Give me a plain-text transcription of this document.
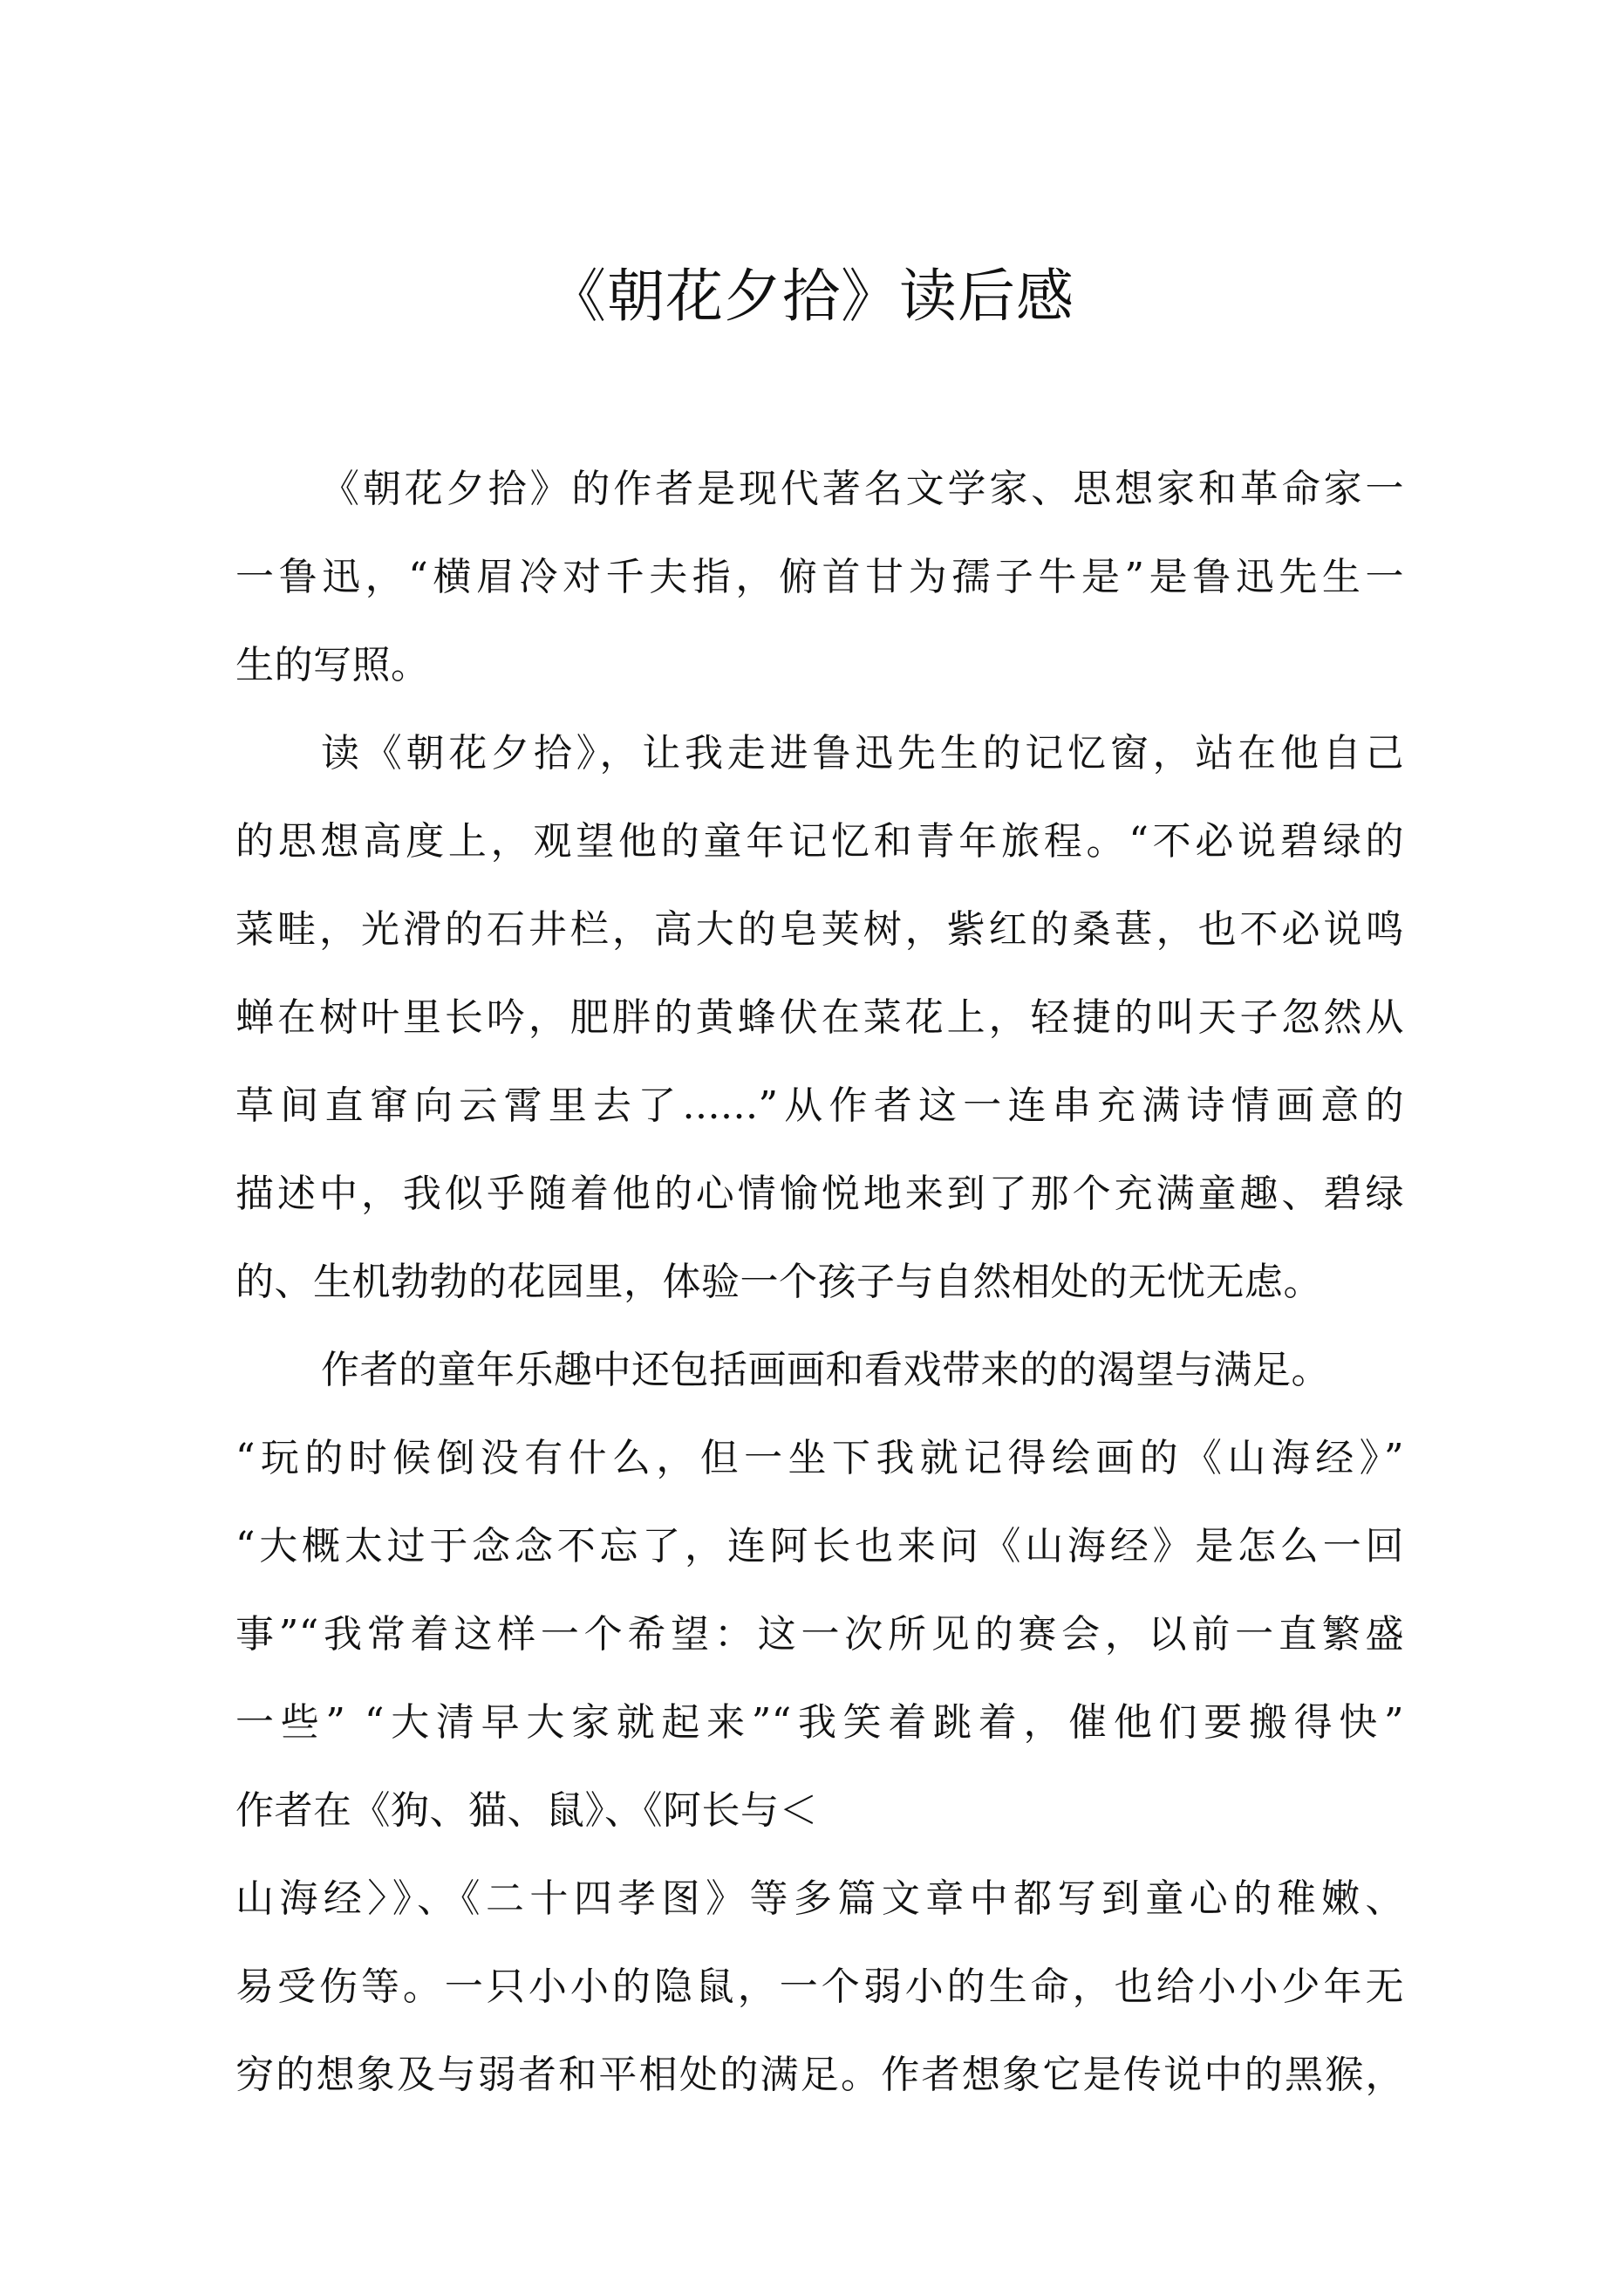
《朝花夕拾》读后感
《朝花夕拾》的作者是现代著名文学家、思想家和革命家一
一鲁迅，“横眉冷对千夫指，俯首甘为孺子牛是”是鲁迅先生一
生的写照。
读《朝花夕拾》，让我走进鲁迅先生的记忆窗，站在他自己
的思想高度上，观望他的童年记忆和青年旅程。“不必说碧绿的
菜畦，光滑的石井栏，高大的皂荚树，紫红的桑葚，也不必说鸣
蝉在树叶里长吟，肥胖的黄蜂伏在菜花上，轻捷的叫天子忽然从
草间直窜向云霄里去了......”从作者这一连串充满诗情画意的
描述中，我似乎随着他的心情愉悦地来到了那个充满童趣、碧绿
的、生机勃勃的花园里，体验一个孩子与自然相处的无忧无虑。
作者的童年乐趣中还包括画画和看戏带来的的渴望与满足。
“玩的时候倒没有什么，但一坐下我就记得绘画的《山海经》”
“大概太过于念念不忘了，连阿长也来问《山海经》是怎么一回
事”“我常着这样一个希望：这一次所见的赛会，以前一直繁盛
一些” “大清早大家就起来”“我笑着跳着，催他们要搬得快”
作者在《狗、猫、鼠》、《阿长与＜
山海经〉》、《二十四孝图》等多篇文章中都写到童心的稚嫩、
易受伤等。一只小小的隐鼠，一个弱小的生命，也给小小少年无
穷的想象及与弱者和平相处的满足。作者想象它是传说中的黑猴，
